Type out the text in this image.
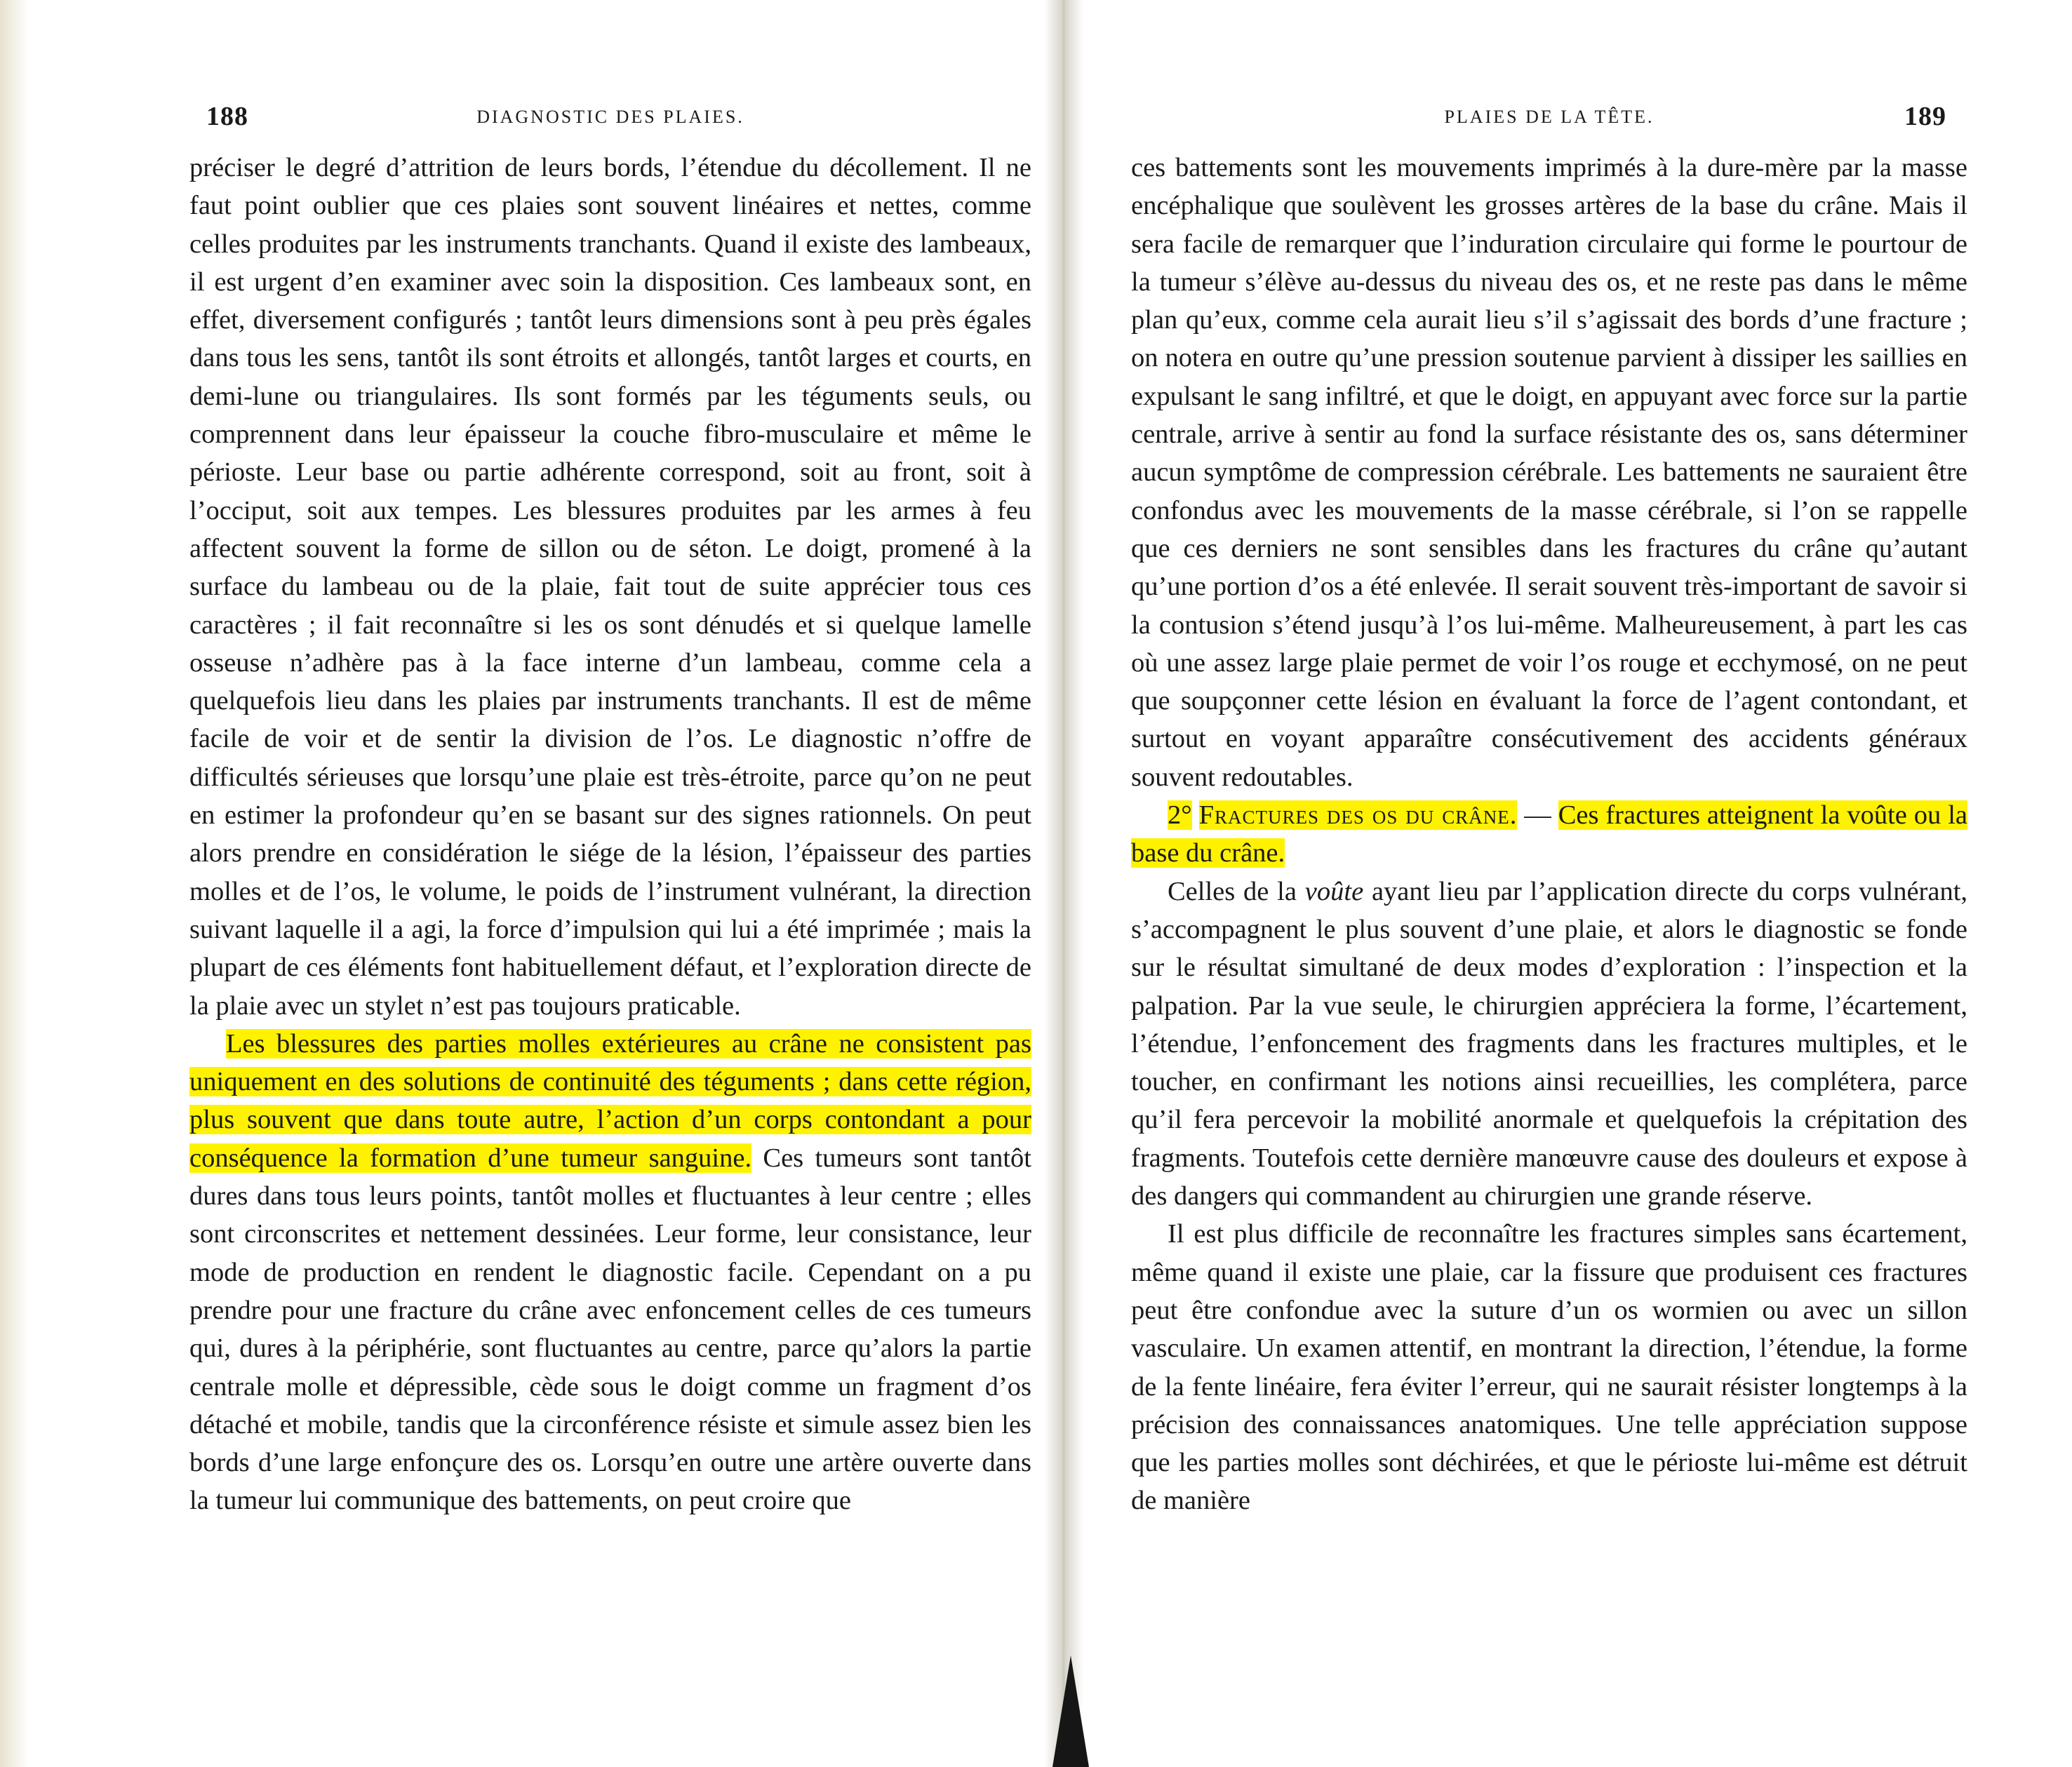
188	DIAGNOSTIC DES PLAIES.

préciser le degré d’attrition de leurs bords, l’étendue du décollement. Il ne faut point oublier que ces plaies sont souvent linéaires et nettes, comme celles produites par les instruments tranchants. Quand il existe des lambeaux, il est urgent d’en examiner avec soin la disposition. Ces lambeaux sont, en effet, diversement configurés ; tantôt leurs dimensions sont à peu près égales dans tous les sens, tantôt ils sont étroits et allongés, tantôt larges et courts, en demi-lune ou triangulaires. Ils sont formés par les téguments seuls, ou comprennent dans leur épaisseur la couche fibro-musculaire et même le périoste. Leur base ou partie adhérente correspond, soit au front, soit à l’occiput, soit aux tempes. Les blessures produites par les armes à feu affectent souvent la forme de sillon ou de séton. Le doigt, promené à la surface du lambeau ou de la plaie, fait tout de suite apprécier tous ces caractères ; il fait reconnaître si les os sont dénudés et si quelque lamelle osseuse n’adhère pas à la face interne d’un lambeau, comme cela a quelquefois lieu dans les plaies par instruments tranchants. Il est de même facile de voir et de sentir la division de l’os. Le diagnostic n’offre de difficultés sérieuses que lorsqu’une plaie est très-étroite, parce qu’on ne peut en estimer la profondeur qu’en se basant sur des signes rationnels. On peut alors prendre en considération le siége de la lésion, l’épaisseur des parties molles et de l’os, le volume, le poids de l’instrument vulnérant, la direction suivant laquelle il a agi, la force d’impulsion qui lui a été imprimée ; mais la plupart de ces éléments font habituellement défaut, et l’exploration directe de la plaie avec un stylet n’est pas toujours praticable.

Les blessures des parties molles extérieures au crâne ne consistent pas uniquement en des solutions de continuité des téguments ; dans cette région, plus souvent que dans toute autre, l’action d’un corps contondant a pour conséquence la formation d’une tumeur sanguine. Ces tumeurs sont tantôt dures dans tous leurs points, tantôt molles et fluctuantes à leur centre ; elles sont circonscrites et nettement dessinées. Leur forme, leur consistance, leur mode de production en rendent le diagnostic facile. Cependant on a pu prendre pour une fracture du crâne avec enfoncement celles de ces tumeurs qui, dures à la périphérie, sont fluctuantes au centre, parce qu’alors la partie centrale molle et dépressible, cède sous le doigt comme un fragment d’os détaché et mobile, tandis que la circonférence résiste et simule assez bien les bords d’une large enfonçure des os. Lorsqu’en outre une artère ouverte dans la tumeur lui communique des battements, on peut croire que

PLAIES DE LA TÊTE.	189

ces battements sont les mouvements imprimés à la dure-mère par la masse encéphalique que soulèvent les grosses artères de la base du crâne. Mais il sera facile de remarquer que l’induration circulaire qui forme le pourtour de la tumeur s’élève au-dessus du niveau des os, et ne reste pas dans le même plan qu’eux, comme cela aurait lieu s’il s’agissait des bords d’une fracture ; on notera en outre qu’une pression soutenue parvient à dissiper les saillies en expulsant le sang infiltré, et que le doigt, en appuyant avec force sur la partie centrale, arrive à sentir au fond la surface résistante des os, sans déterminer aucun symptôme de compression cérébrale. Les battements ne sauraient être confondus avec les mouvements de la masse cérébrale, si l’on se rappelle que ces derniers ne sont sensibles dans les fractures du crâne qu’autant qu’une portion d’os a été enlevée. Il serait souvent très-important de savoir si la contusion s’étend jusqu’à l’os lui-même. Malheureusement, à part les cas où une assez large plaie permet de voir l’os rouge et ecchymosé, on ne peut que soupçonner cette lésion en évaluant la force de l’agent contondant, et surtout en voyant apparaître consécutivement des accidents généraux souvent redoutables.

2° Fractures des os du crâne. — Ces fractures atteignent la voûte ou la base du crâne.

Celles de la voûte ayant lieu par l’application directe du corps vulnérant, s’accompagnent le plus souvent d’une plaie, et alors le diagnostic se fonde sur le résultat simultané de deux modes d’exploration : l’inspection et la palpation. Par la vue seule, le chirurgien appréciera la forme, l’écartement, l’étendue, l’enfoncement des fragments dans les fractures multiples, et le toucher, en confirmant les notions ainsi recueillies, les complétera, parce qu’il fera percevoir la mobilité anormale et quelquefois la crépitation des fragments. Toutefois cette dernière manœuvre cause des douleurs et expose à des dangers qui commandent au chirurgien une grande réserve.

Il est plus difficile de reconnaître les fractures simples sans écartement, même quand il existe une plaie, car la fissure que produisent ces fractures peut être confondue avec la suture d’un os wormien ou avec un sillon vasculaire. Un examen attentif, en montrant la direction, l’étendue, la forme de la fente linéaire, fera éviter l’erreur, qui ne saurait résister longtemps à la précision des connaissances anatomiques. Une telle appréciation suppose que les parties molles sont déchirées, et que le périoste lui-même est détruit de manière
